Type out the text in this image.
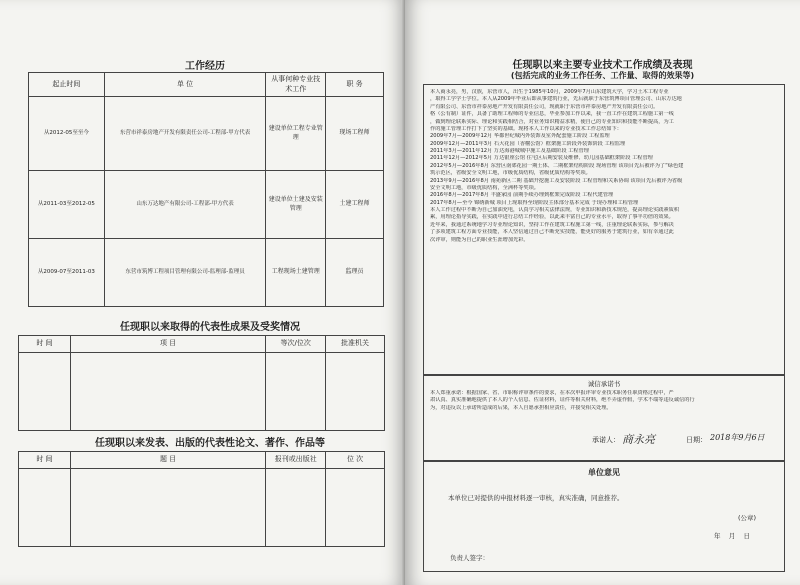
工作经历
起止时间	单 位	从事何种专业技术工作	职 务
从2012-05至至今	东营市祥泰房地产开发有限责任公司-工程部-甲方代表	建设单位工程专业管理	现场工程师
从2011-03至2012-05	山东万达地产有限公司-工程部-甲方代表	建设单位土建及安装管理	土建工程师
从2009-07至2011-03	东营市筑博工程项目管理有限公司-监理部-监理员	工程现场土建管理	监理员
任现职以来取得的代表性成果及受奖情况
时 间	项 目	等次/位次	批准机关

任现职以来发表、出版的代表性论文、著作、作品等
时 间	题 目	报刊或出版社	位 次

任现职以来主要专业技术工作成绩及表现
(包括完成的业务工作任务、工作量、取得的效果等)
本人商永亮，男，汉族，东营市人，出生于1985年10月，2009年7月山东建筑大学，学习土木工程专业
，取得工学学士学位。本人从2009年毕业后即从事建筑行业，先后就职于东营筑博项目管理公司、山东万达地
产有限公司、东营市祥泰房地产开发有限责任公司，现就职于东营市祥泰房地产开发有限责任公司。
格（公有制）证件，具备了助理工程师的专业信息，毕业参加工作以来，我一直工作在建筑工程施工第一线
，做到理论联系实际、理论和实践相结合，对业务知识精益求精，使自己的专业知识和技能不断提高，为工
作的施工管理工作打下了坚实的基础。现将本人工作以来的专业技术工作总结如下：
2009年7月—2009年12月 华都世纪城内外装饰及室外配套施工阶段 工程监理
2009年12月—2011年3月 石大花园（香榭公馆）框架施工阶段外装饰阶段 工程监理
2011年3月—2011年12月 万达海港城城中施工及基础阶段 工程管理
2011年12月—2012年5月 万达银座公馆 住宅区后期安装及维修、幼儿园基础框架阶段 工程管理
2012年5月—2016年8月 东营区南郊花园一期土体、二期框架结构阶段 现场管理 该项目先后被评为了“绿色建
筑示范区，省级安全文明工地，市级优质结构，省级优质结构等奖项。
2013年9月—2016年8月 南苑新区二期 基础开挖施工及安装阶段 工程管理和关系协调 该项目先后被评为省级
安全文明工地，市级优质结构，全洲杯等奖项。
2016年8月—2017年8月 丰盛家园 前期手续办理到框架完成阶段 工程代建管理
2017年8月—至今 锦绣新城 项目上现取得至现阶段主体部分基本完成 于现办理和工程管理
本人工作过程中不断为自己加油充电，认真学习相关法律法规，专业知识和新技术规范，提高理论实践素质积
累，用理论指导实践，在实践中进行总结工作经验，以此来丰富自己的专业水平，取得了事半功倍的效果。
近年来，我通过系统地学习专业理论知识，坚持工作在建筑工程施工第一线，注重理论联系实际，参与解决
了多项建筑工程方面专业技能，本人坚信通过自己不断充实技能，能更好的服务于建筑行业，如有幸通过此
次评审，则能为自己的职业生涯增加光彩。
诚信承诺书
本人郑重承诺：根据国家、省、市职称评审条件的要求，在本次申报评审专业技术职务任职资格过程中，严
肃认真、真实准确地提供了本人的个人信息、佐证材料，证件等相关材料，绝不弄虚作假，学术不端等违反诚信的行
为，对违反以上承诺所造成的后果，本人自愿承担相应责任，并接受相关处理。
承诺人： 商永亮	日期： 2018年9月6日
单位意见
本单位已对提供的申报材料逐一审核，真实准确，同意推荐。
(公章)
年    月    日
负责人签字：
